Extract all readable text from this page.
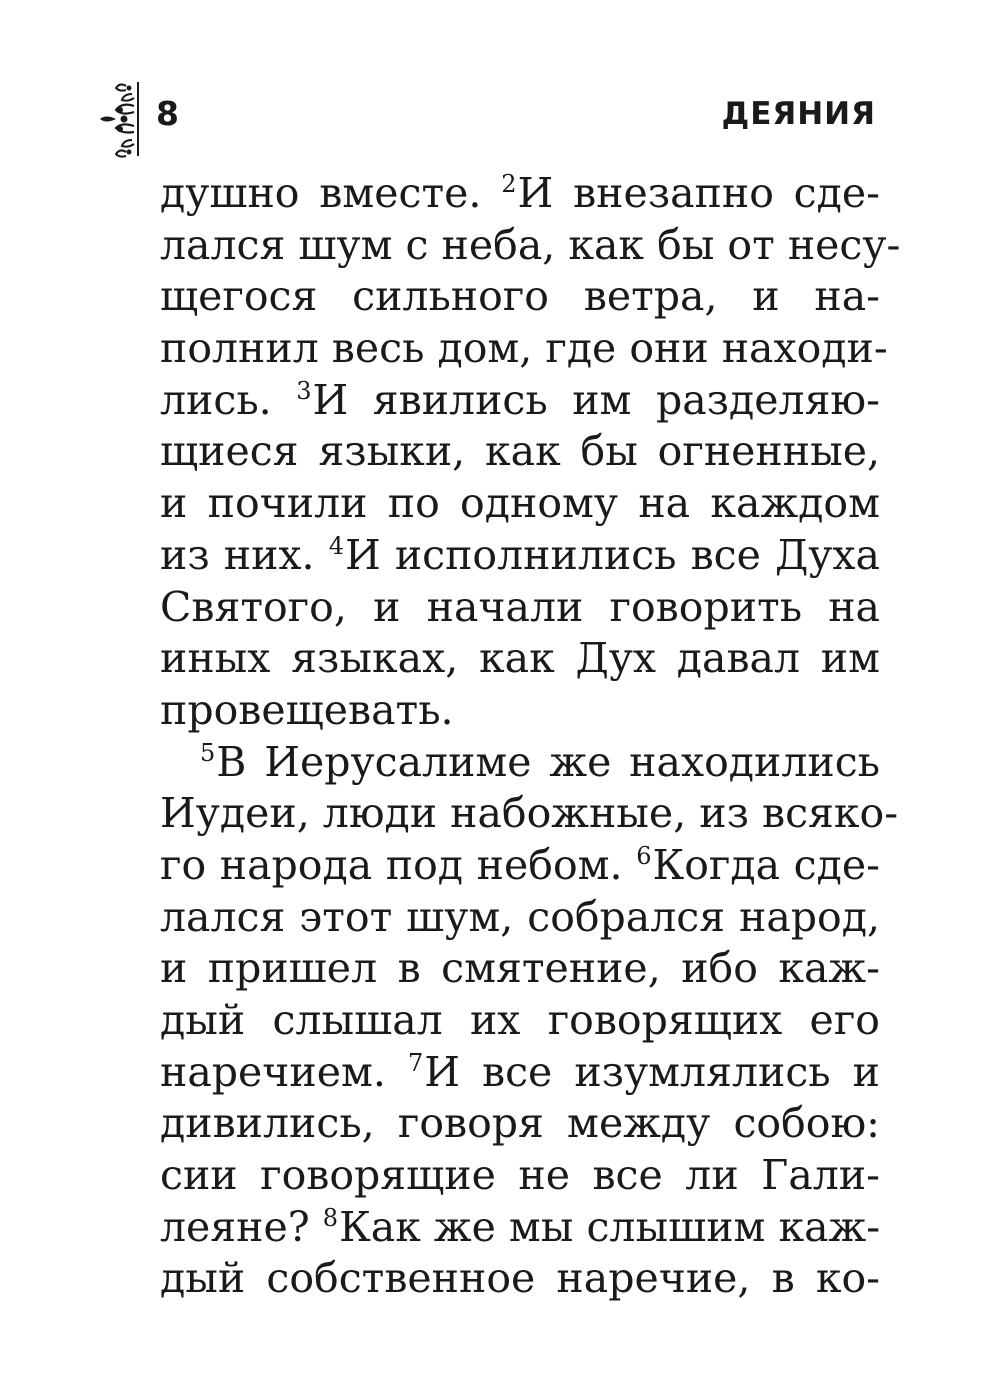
8	ДЕЯНИЯ
душно вместе. $^2$И внезапно сде-
лался шум с неба, как бы от несу-
щегося сильного ветра, и на-
полнил весь дом, где они находи-
лись. $^3$И явились им разделяю-
щиеся языки, как бы огненные,
и почили по одному на каждом
из них. $^4$И исполнились все Духа
Святого, и начали говорить на
иных языках, как Дух давал им
провещевать.
$^5$В Иерусалиме же находились
Иудеи, люди набожные, из всяко-
го народа под небом. $^6$Когда сде-
лался этот шум, собрался народ,
и пришел в смятение, ибо каж-
дый слышал их говорящих его
наречием. $^7$И все изумлялись и
дивились, говоря между собою:
сии говорящие не все ли Гали-
леяне? $^8$Как же мы слышим каж-
дый собственное наречие, в ко-
